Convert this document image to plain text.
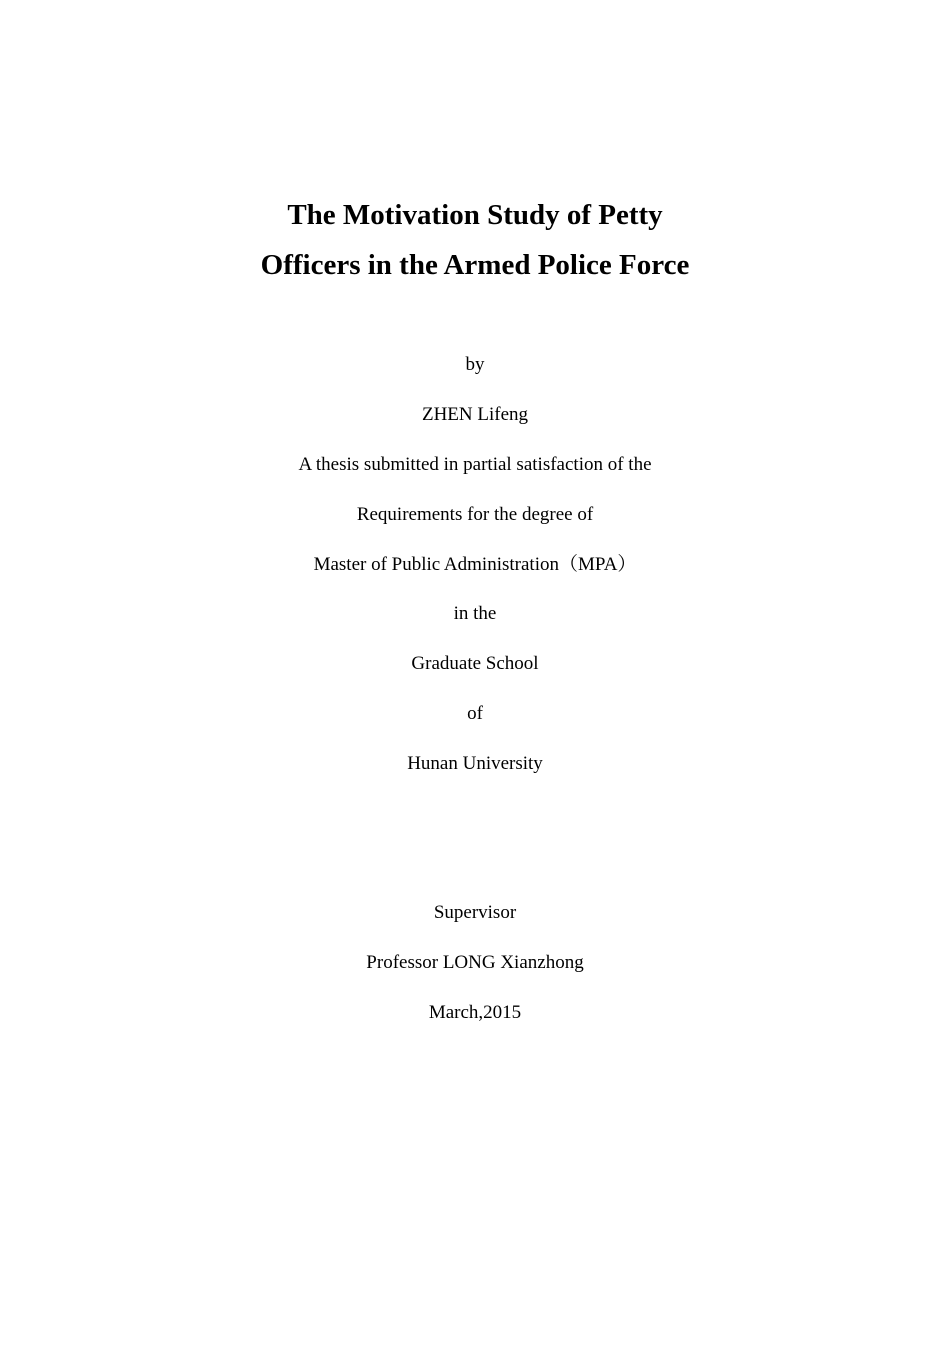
The Motivation Study of Petty
Officers in the Armed Police Force
by
ZHEN Lifeng
A thesis submitted in partial satisfaction of the
Requirements for the degree of
Master of Public Administration（MPA）
in the
Graduate School
of
Hunan University
Supervisor
Professor LONG Xianzhong
March,2015
